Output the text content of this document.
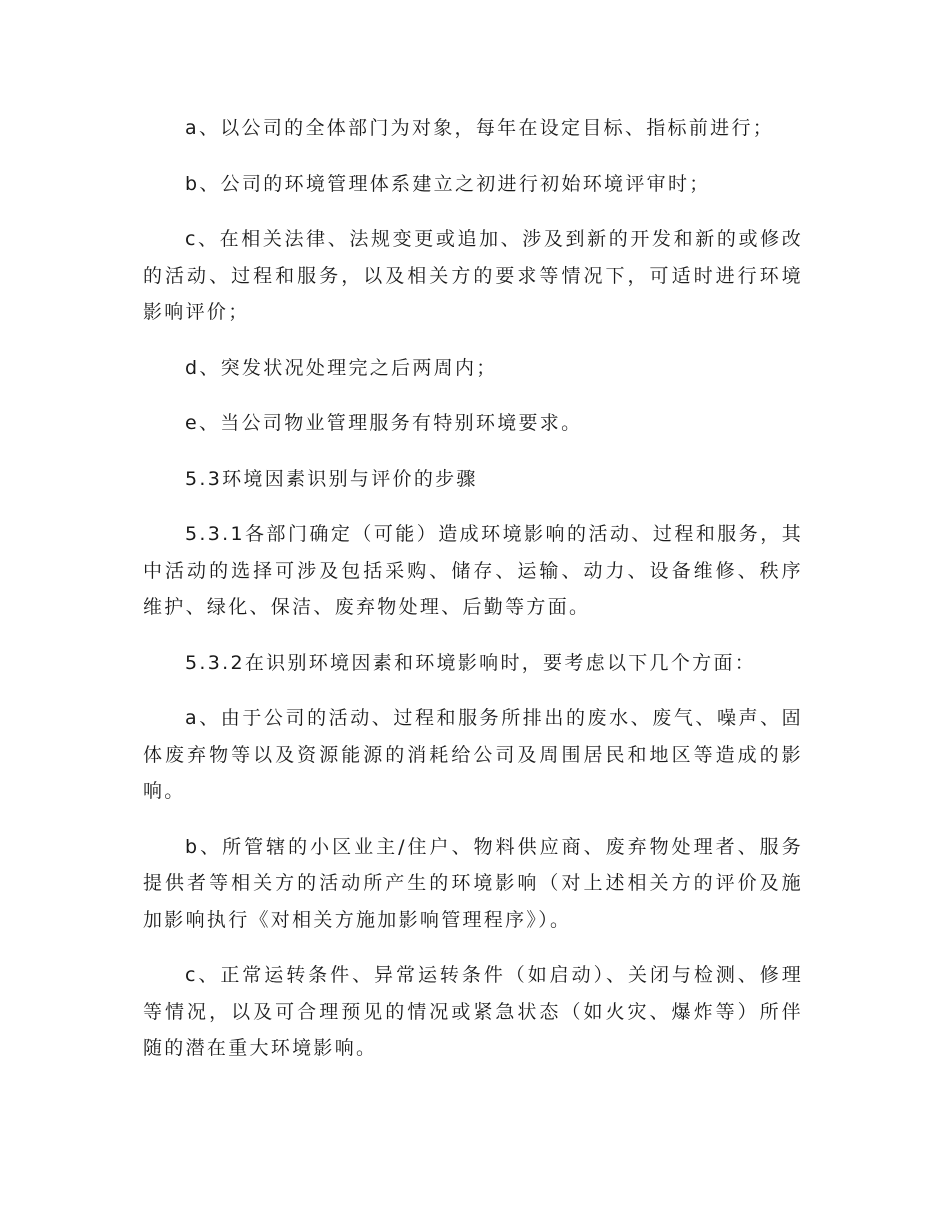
a、以公司的全体部门为对象，每年在设定目标、指标前进行；

b、公司的环境管理体系建立之初进行初始环境评审时；

c、在相关法律、法规变更或追加、涉及到新的开发和新的或修改的活动、过程和服务，以及相关方的要求等情况下，可适时进行环境影响评价；

d、突发状况处理完之后两周内；

e、当公司物业管理服务有特别环境要求。

5.3环境因素识别与评价的步骤

5.3.1各部门确定（可能）造成环境影响的活动、过程和服务，其中活动的选择可涉及包括采购、储存、运输、动力、设备维修、秩序维护、绿化、保洁、废弃物处理、后勤等方面。

5.3.2在识别环境因素和环境影响时，要考虑以下几个方面：

a、由于公司的活动、过程和服务所排出的废水、废气、噪声、固体废弃物等以及资源能源的消耗给公司及周围居民和地区等造成的影响。

b、所管辖的小区业主/住户、物料供应商、废弃物处理者、服务提供者等相关方的活动所产生的环境影响（对上述相关方的评价及施加影响执行《对相关方施加影响管理程序》）。

c、正常运转条件、异常运转条件（如启动）、关闭与检测、修理等情况，以及可合理预见的情况或紧急状态（如火灾、爆炸等）所伴随的潜在重大环境影响。
